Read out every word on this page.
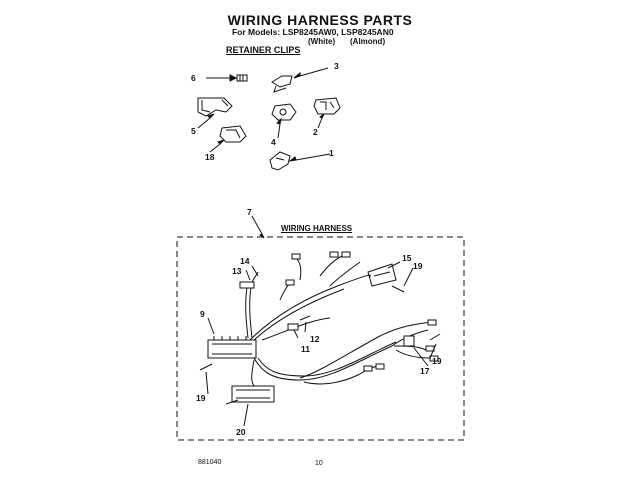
WIRING HARNESS PARTS
For Models: LSP8245AW0, LSP8245AN0
(White) (Almond)
RETAINER CLIPS
WIRING HARNESS
6
3
5
4
2
18	1
7
14
13
15
19
9
12
11
19
17
19
20
881040	10
